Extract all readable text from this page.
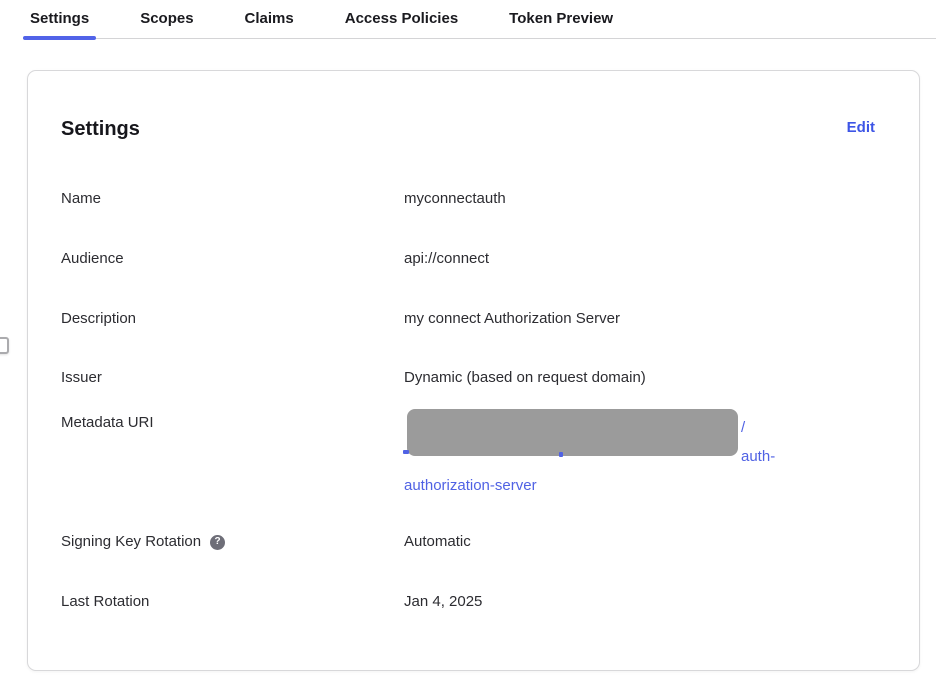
Settings	Scopes	Claims	Access Policies	Token Preview
Settings	Edit
Name	myconnectauth
Audience	api://connect
Description	my connect Authorization Server
Issuer	Dynamic (based on request domain)
Metadata URI	/
auth-
authorization-server
Signing Key Rotation	?	Automatic
Last Rotation	Jan 4, 2025
